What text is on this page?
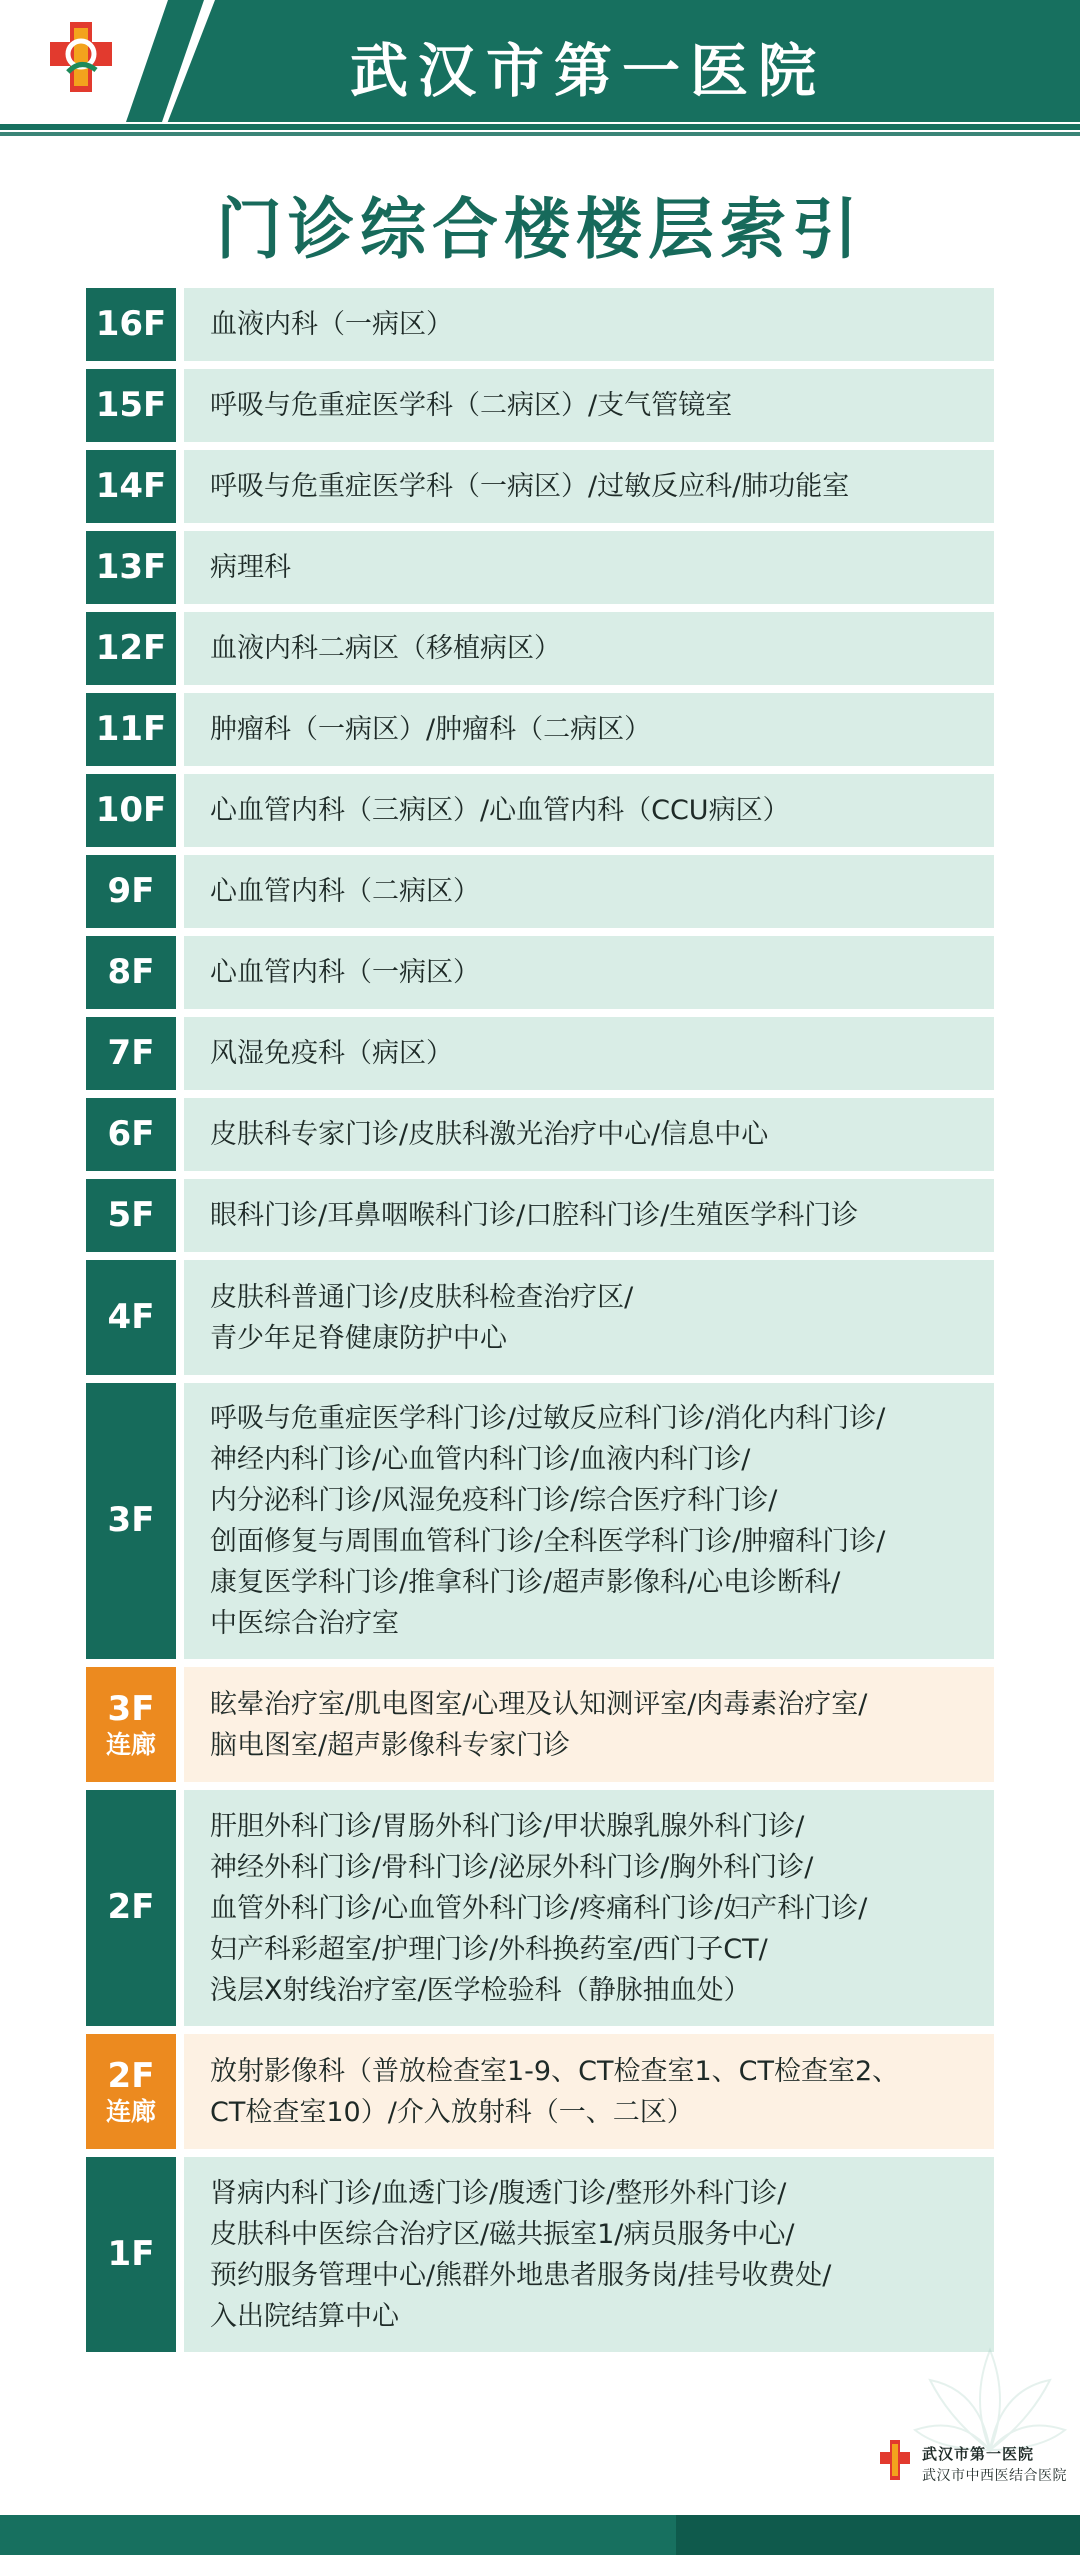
武汉市第一医院
门诊综合楼楼层索引
16F 血液内科（一病区）
15F 呼吸与危重症医学科（二病区）/支气管镜室
14F 呼吸与危重症医学科（一病区）/过敏反应科/肺功能室
13F 病理科
12F 血液内科二病区（移植病区）
11F 肿瘤科（一病区）/肿瘤科（二病区）
10F 心血管内科（三病区）/心血管内科（CCU病区）
9F 心血管内科（二病区）
8F 心血管内科（一病区）
7F 风湿免疫科（病区）
6F 皮肤科专家门诊/皮肤科激光治疗中心/信息中心
5F 眼科门诊/耳鼻咽喉科门诊/口腔科门诊/生殖医学科门诊
4F 皮肤科普通门诊/皮肤科检查治疗区/
青少年足脊健康防护中心
3F
呼吸与危重症医学科门诊/过敏反应科门诊/消化内科门诊/
神经内科门诊/心血管内科门诊/血液内科门诊/
内分泌科门诊/风湿免疫科门诊/综合医疗科门诊/
创面修复与周围血管科门诊/全科医学科门诊/肿瘤科门诊/
康复医学科门诊/推拿科门诊/超声影像科/心电诊断科/
中医综合治疗室
3F
连廊
眩晕治疗室/肌电图室/心理及认知测评室/肉毒素治疗室/
脑电图室/超声影像科专家门诊
2F
肝胆外科门诊/胃肠外科门诊/甲状腺乳腺外科门诊/
神经外科门诊/骨科门诊/泌尿外科门诊/胸外科门诊/
血管外科门诊/心血管外科门诊/疼痛科门诊/妇产科门诊/
妇产科彩超室/护理门诊/外科换药室/西门子CT/
浅层X射线治疗室/医学检验科（静脉抽血处）
2F
连廊
放射影像科（普放检查室1-9、CT检查室1、CT检查室2、
CT检查室10）/介入放射科（一、二区）
1F
肾病内科门诊/血透门诊/腹透门诊/整形外科门诊/
皮肤科中医综合治疗区/磁共振室1/病员服务中心/
预约服务管理中心/熊群外地患者服务岗/挂号收费处/
入出院结算中心
武汉市第一医院
武汉市中西医结合医院
